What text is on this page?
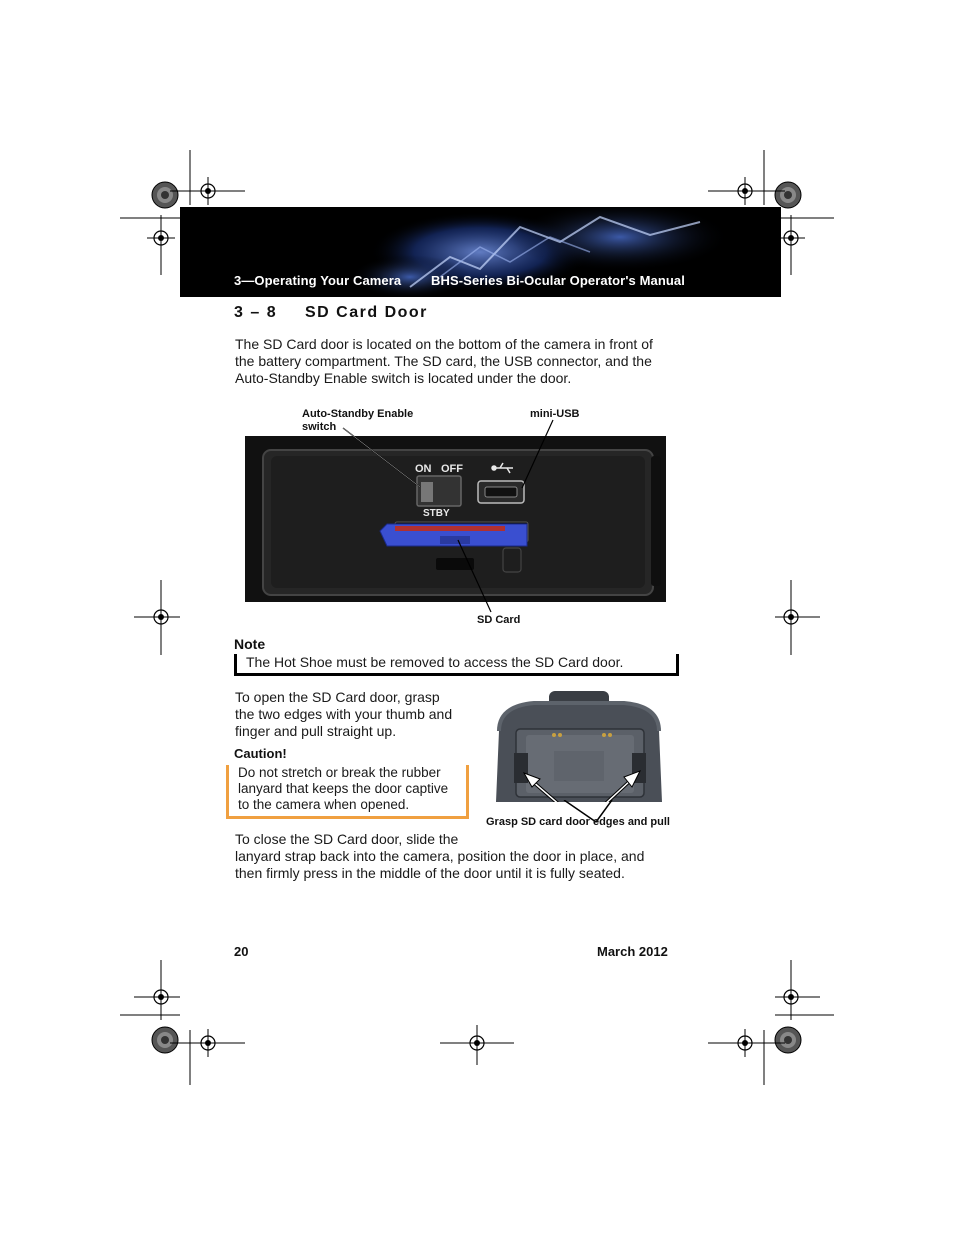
3—Operating Your Camera BHS-Series Bi-Ocular Operator's Manual
3 – 8 SD Card Door
The SD Card door is located on the bottom of the camera in front of
the battery compartment. The SD card, the USB connector, and the
Auto-Standby Enable switch is located under the door.
Auto-Standby Enable
switch
mini-USB
ON OFF
STBY
SD Card
Note
The Hot Shoe must be removed to access the SD Card door.
To open the SD Card door, grasp
the two edges with your thumb and
finger and pull straight up.
Caution!
Do not stretch or break the rubber
lanyard that keeps the door captive
to the camera when opened.
Grasp SD card door edges and pull
To close the SD Card door, slide the
lanyard strap back into the camera, position the door in place, and
then firmly press in the middle of the door until it is fully seated.
20	March 2012
